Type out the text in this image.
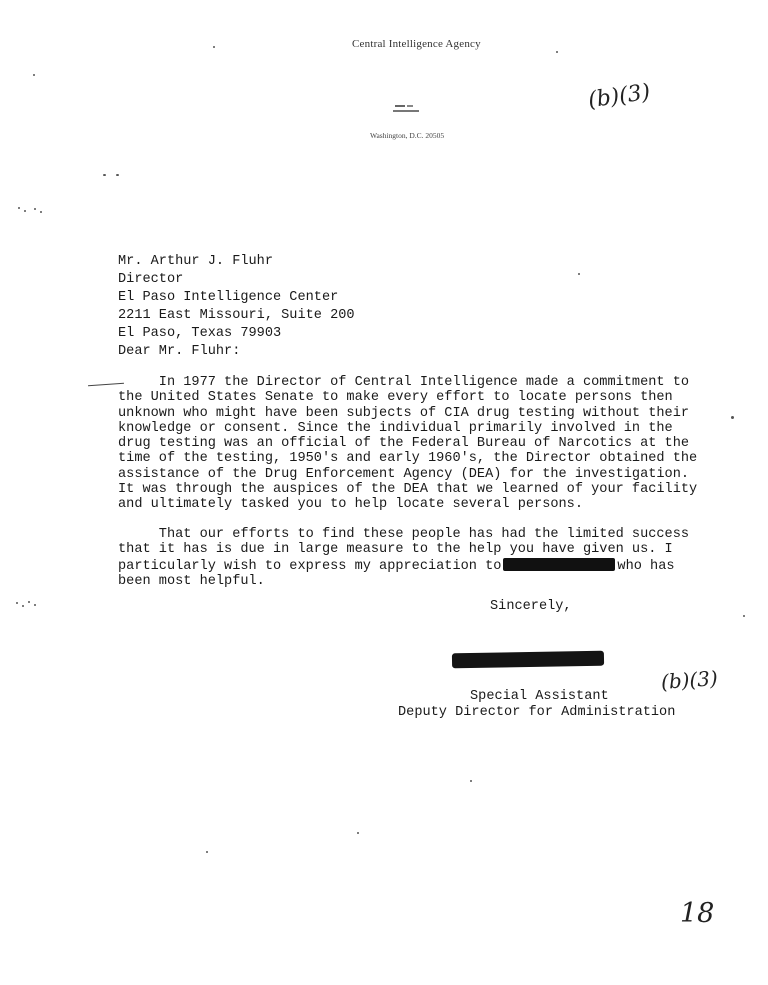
Central Intelligence Agency
Washington, D.C. 20505
(b)(3)
Mr. Arthur J. Fluhr
Director
El Paso Intelligence Center
2211 East Missouri, Suite 200
El Paso, Texas 79903
Dear Mr. Fluhr:
In 1977 the Director of Central Intelligence made a commitment to
the United States Senate to make every effort to locate persons then
unknown who might have been subjects of CIA drug testing without their
knowledge or consent. Since the individual primarily involved in the
drug testing was an official of the Federal Bureau of Narcotics at the
time of the testing, 1950's and early 1960's, the Director obtained the
assistance of the Drug Enforcement Agency (DEA) for the investigation.
It was through the auspices of the DEA that we learned of your facility
and ultimately tasked you to help locate several persons.
That our efforts to find these people has had the limited success
that it has is due in large measure to the help you have given us. I
particularly wish to express my appreciation to	who has
been most helpful.
Sincerely,
(b)(3)
Special Assistant
Deputy Director for Administration
18
